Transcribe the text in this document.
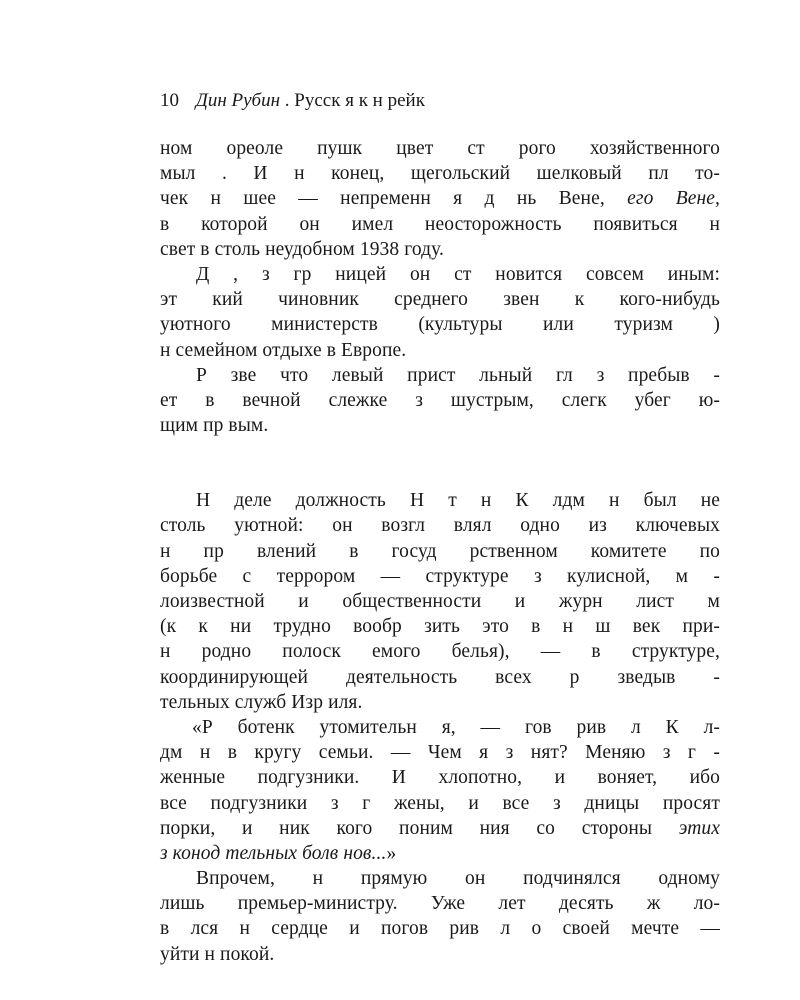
10 Дин Рубин . Русск я к н рейк
ном ореоле пушк цвет ст рого хозяйственного
мыл . И н конец, щегольский шелковый пл то-
чек н шее — непременн я д нь Вене, его Вене,
в которой он имел неосторожность появиться н
свет в столь неудобном 1938 году.
Д , з гр ницей он ст новится совсем иным:
эт кий чиновник среднего звен к кого-нибудь
уютного министерств (культуры или туризм )
н семейном отдыхе в Европе.
Р зве что левый прист льный гл з пребыв -
ет в вечной слежке з шустрым, слегк убег ю-
щим пр вым.
Н деле должность Н т н К лдм н был не
столь уютной: он возгл влял одно из ключевых
н пр влений в госуд рственном комитете по
борьбе с террором — структуре з кулисной, м -
лоизвестной и общественности и журн лист м
(к к ни трудно вообр зить это в н ш век при-
н родно полоск емого белья), — в структуре,
координирующей деятельность всех р зведыв -
тельных служб Изр иля.
«Р ботенк утомительн я, — гов рив л К л-
дм н в кругу семьи. — Чем я з нят? Меняю з г -
женные подгузники. И хлопотно, и воняет, ибо
все подгузники з г жены, и все з дницы просят
порки, и ник кого поним ния со стороны этих
з конод тельных болв нов...»
Впрочем, н прямую он подчинялся одному
лишь премьер-министру. Уже лет десять ж ло-
в лся н сердце и погов рив л о своей мечте —
уйти н покой.
